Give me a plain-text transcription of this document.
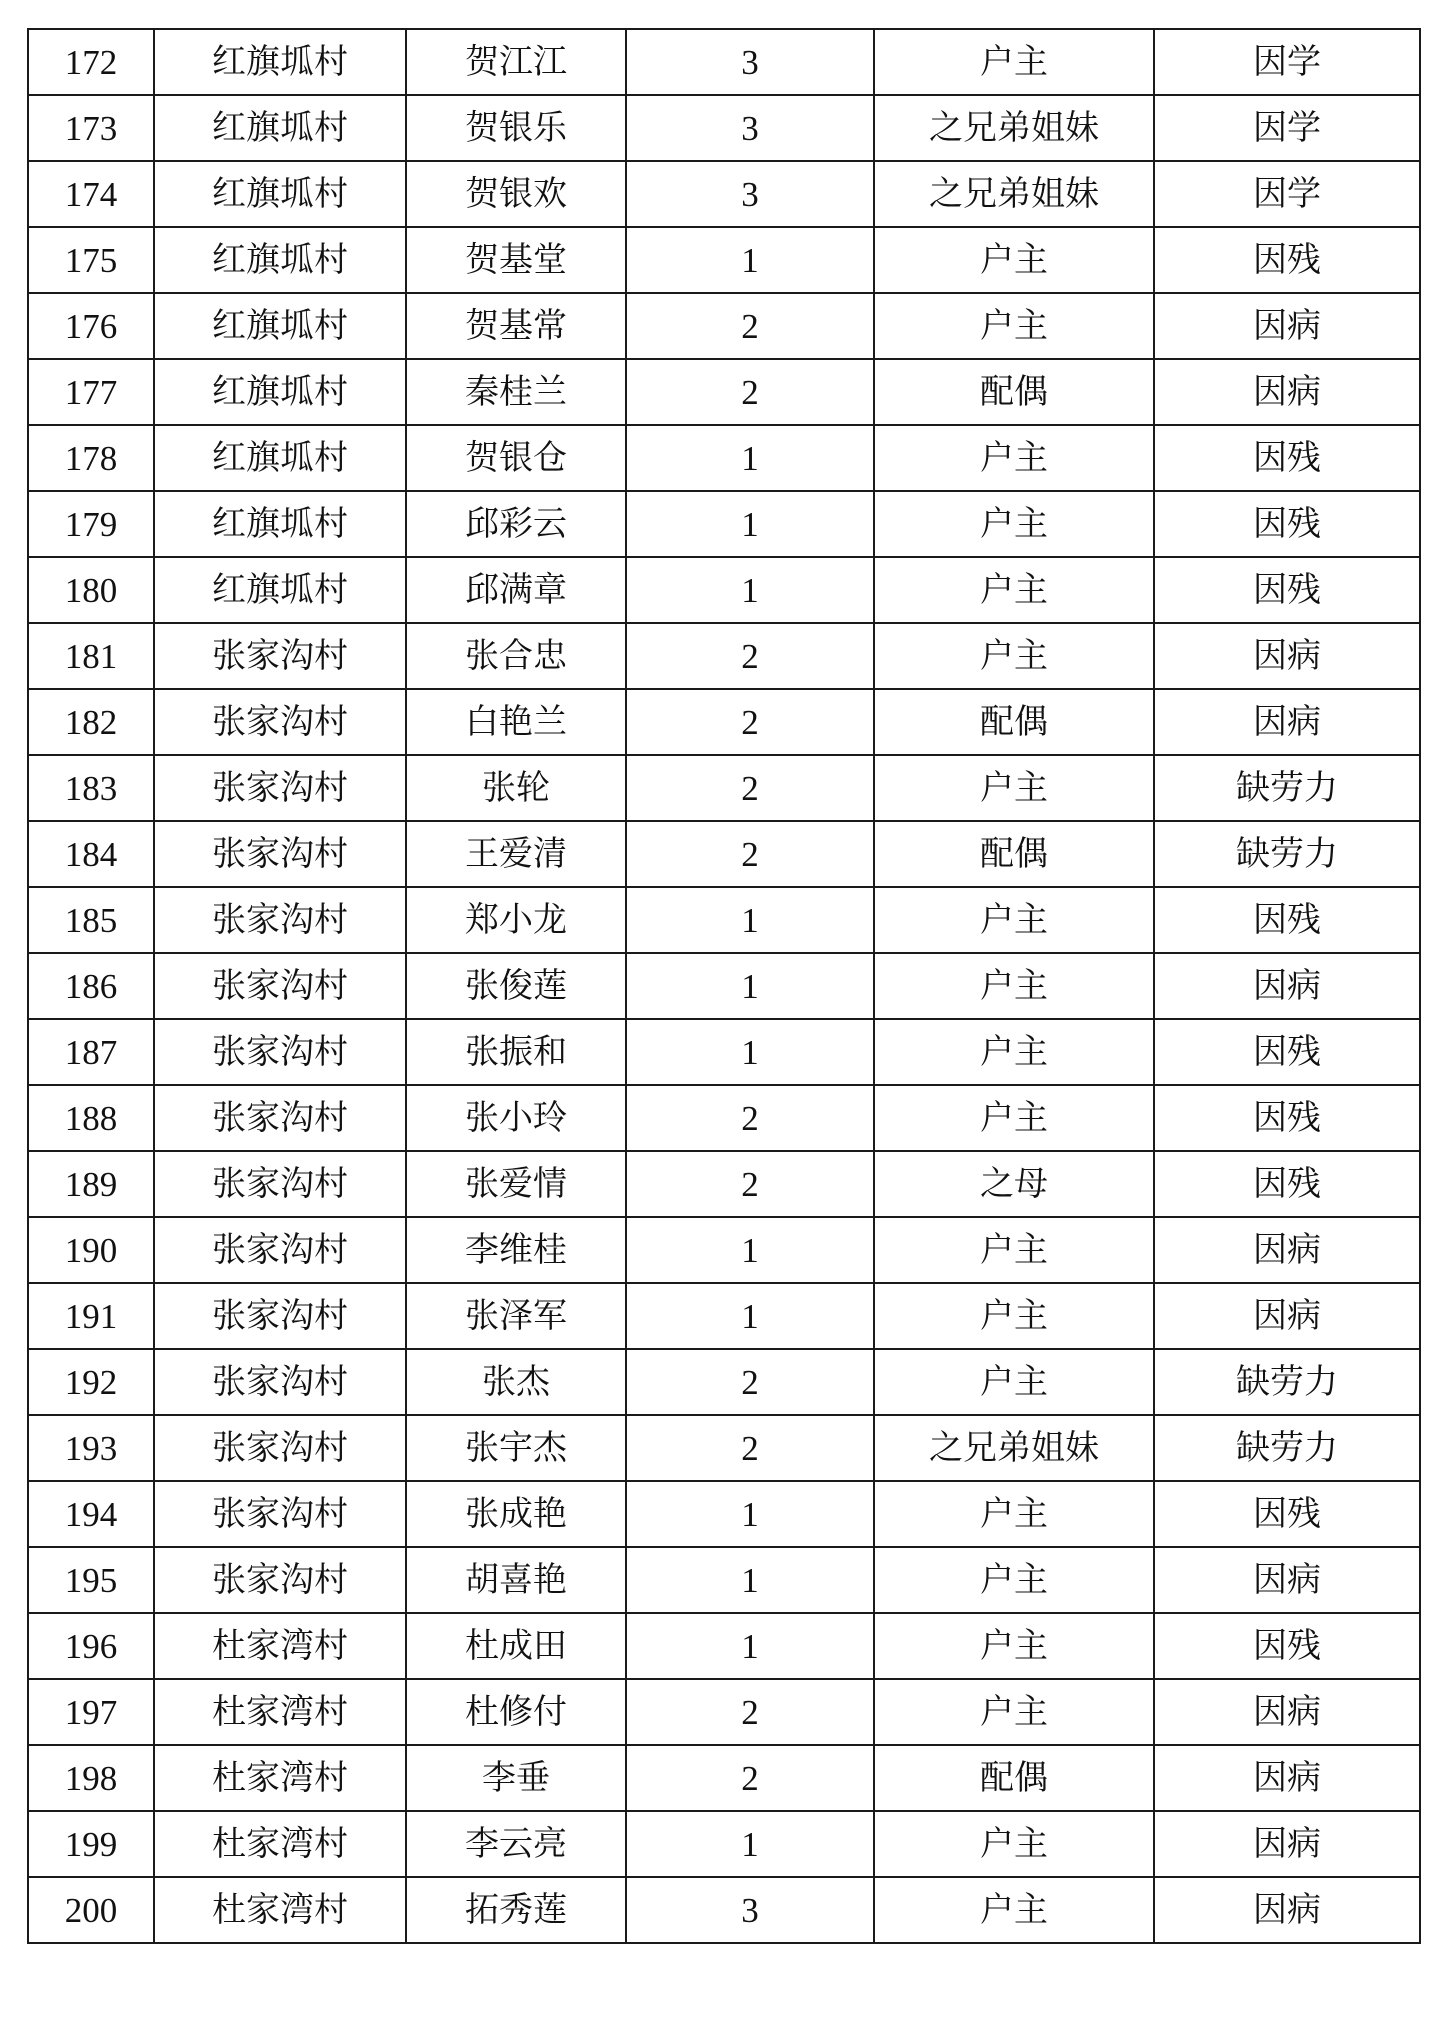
172	红旗坬村	贺江江	3	户主	因学
173	红旗坬村	贺银乐	3	之兄弟姐妹	因学
174	红旗坬村	贺银欢	3	之兄弟姐妹	因学
175	红旗坬村	贺基堂	1	户主	因残
176	红旗坬村	贺基常	2	户主	因病
177	红旗坬村	秦桂兰	2	配偶	因病
178	红旗坬村	贺银仓	1	户主	因残
179	红旗坬村	邱彩云	1	户主	因残
180	红旗坬村	邱满章	1	户主	因残
181	张家沟村	张合忠	2	户主	因病
182	张家沟村	白艳兰	2	配偶	因病
183	张家沟村	张轮	2	户主	缺劳力
184	张家沟村	王爱清	2	配偶	缺劳力
185	张家沟村	郑小龙	1	户主	因残
186	张家沟村	张俊莲	1	户主	因病
187	张家沟村	张振和	1	户主	因残
188	张家沟村	张小玲	2	户主	因残
189	张家沟村	张爱情	2	之母	因残
190	张家沟村	李维桂	1	户主	因病
191	张家沟村	张泽军	1	户主	因病
192	张家沟村	张杰	2	户主	缺劳力
193	张家沟村	张宇杰	2	之兄弟姐妹	缺劳力
194	张家沟村	张成艳	1	户主	因残
195	张家沟村	胡喜艳	1	户主	因病
196	杜家湾村	杜成田	1	户主	因残
197	杜家湾村	杜修付	2	户主	因病
198	杜家湾村	李垂	2	配偶	因病
199	杜家湾村	李云亮	1	户主	因病
200	杜家湾村	拓秀莲	3	户主	因病
